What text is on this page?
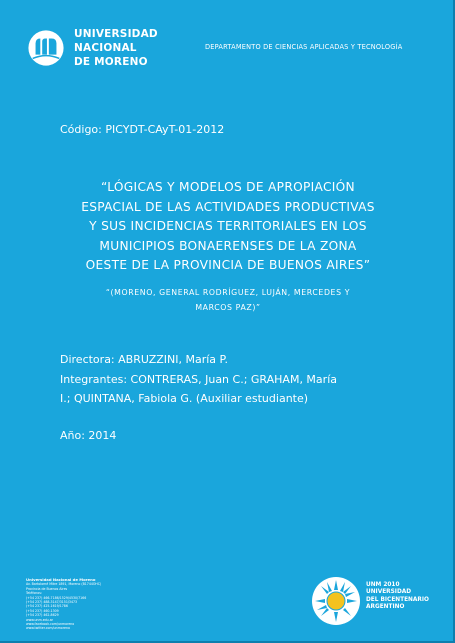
UNIVERSIDAD
NACIONAL
DE MORENO
DEPARTAMENTO DE CIENCIAS APLICADAS Y TECNOLOGÍA
Código: PICYDT-CAyT-01-2012
“LÓGICAS Y MODELOS DE APROPIACIÓN
ESPACIAL DE LAS ACTIVIDADES PRODUCTIVAS
Y SUS INCIDENCIAS TERRITORIALES EN LOS
MUNICIPIOS BONAERENSES DE LA ZONA
OESTE DE LA PROVINCIA DE BUENOS AIRES”
“(MORENO, GENERAL RODRÍGUEZ, LUJÁN, MERCEDES Y
MARCOS PAZ)”
Directora: ABRUZZINI, María P.
Integrantes: CONTRERAS, Juan C.; GRAHAM, María
I.; QUINTANA, Fabiola G. (Auxiliar estudiante)
Año: 2014
Universidad Nacional de Moreno
Av. Bartolomé Mitre 1891, Moreno (B1744OHC)
Provincia de Buenos Aires
Teléfonos:
(+54 237) 466-7186/1529/4530/7166
(+54 237) 488-3147/3151/3473
(+54 237) 425-1619/1786
(+54 237) 460-1309
(+54 237) 462-8629
www.unm.edu.ar
www.facebook.com/unmoreno
www.twitter.com/unmoreno
UNM 2010
UNIVERSIDAD
DEL BICENTENARIO
ARGENTINO
